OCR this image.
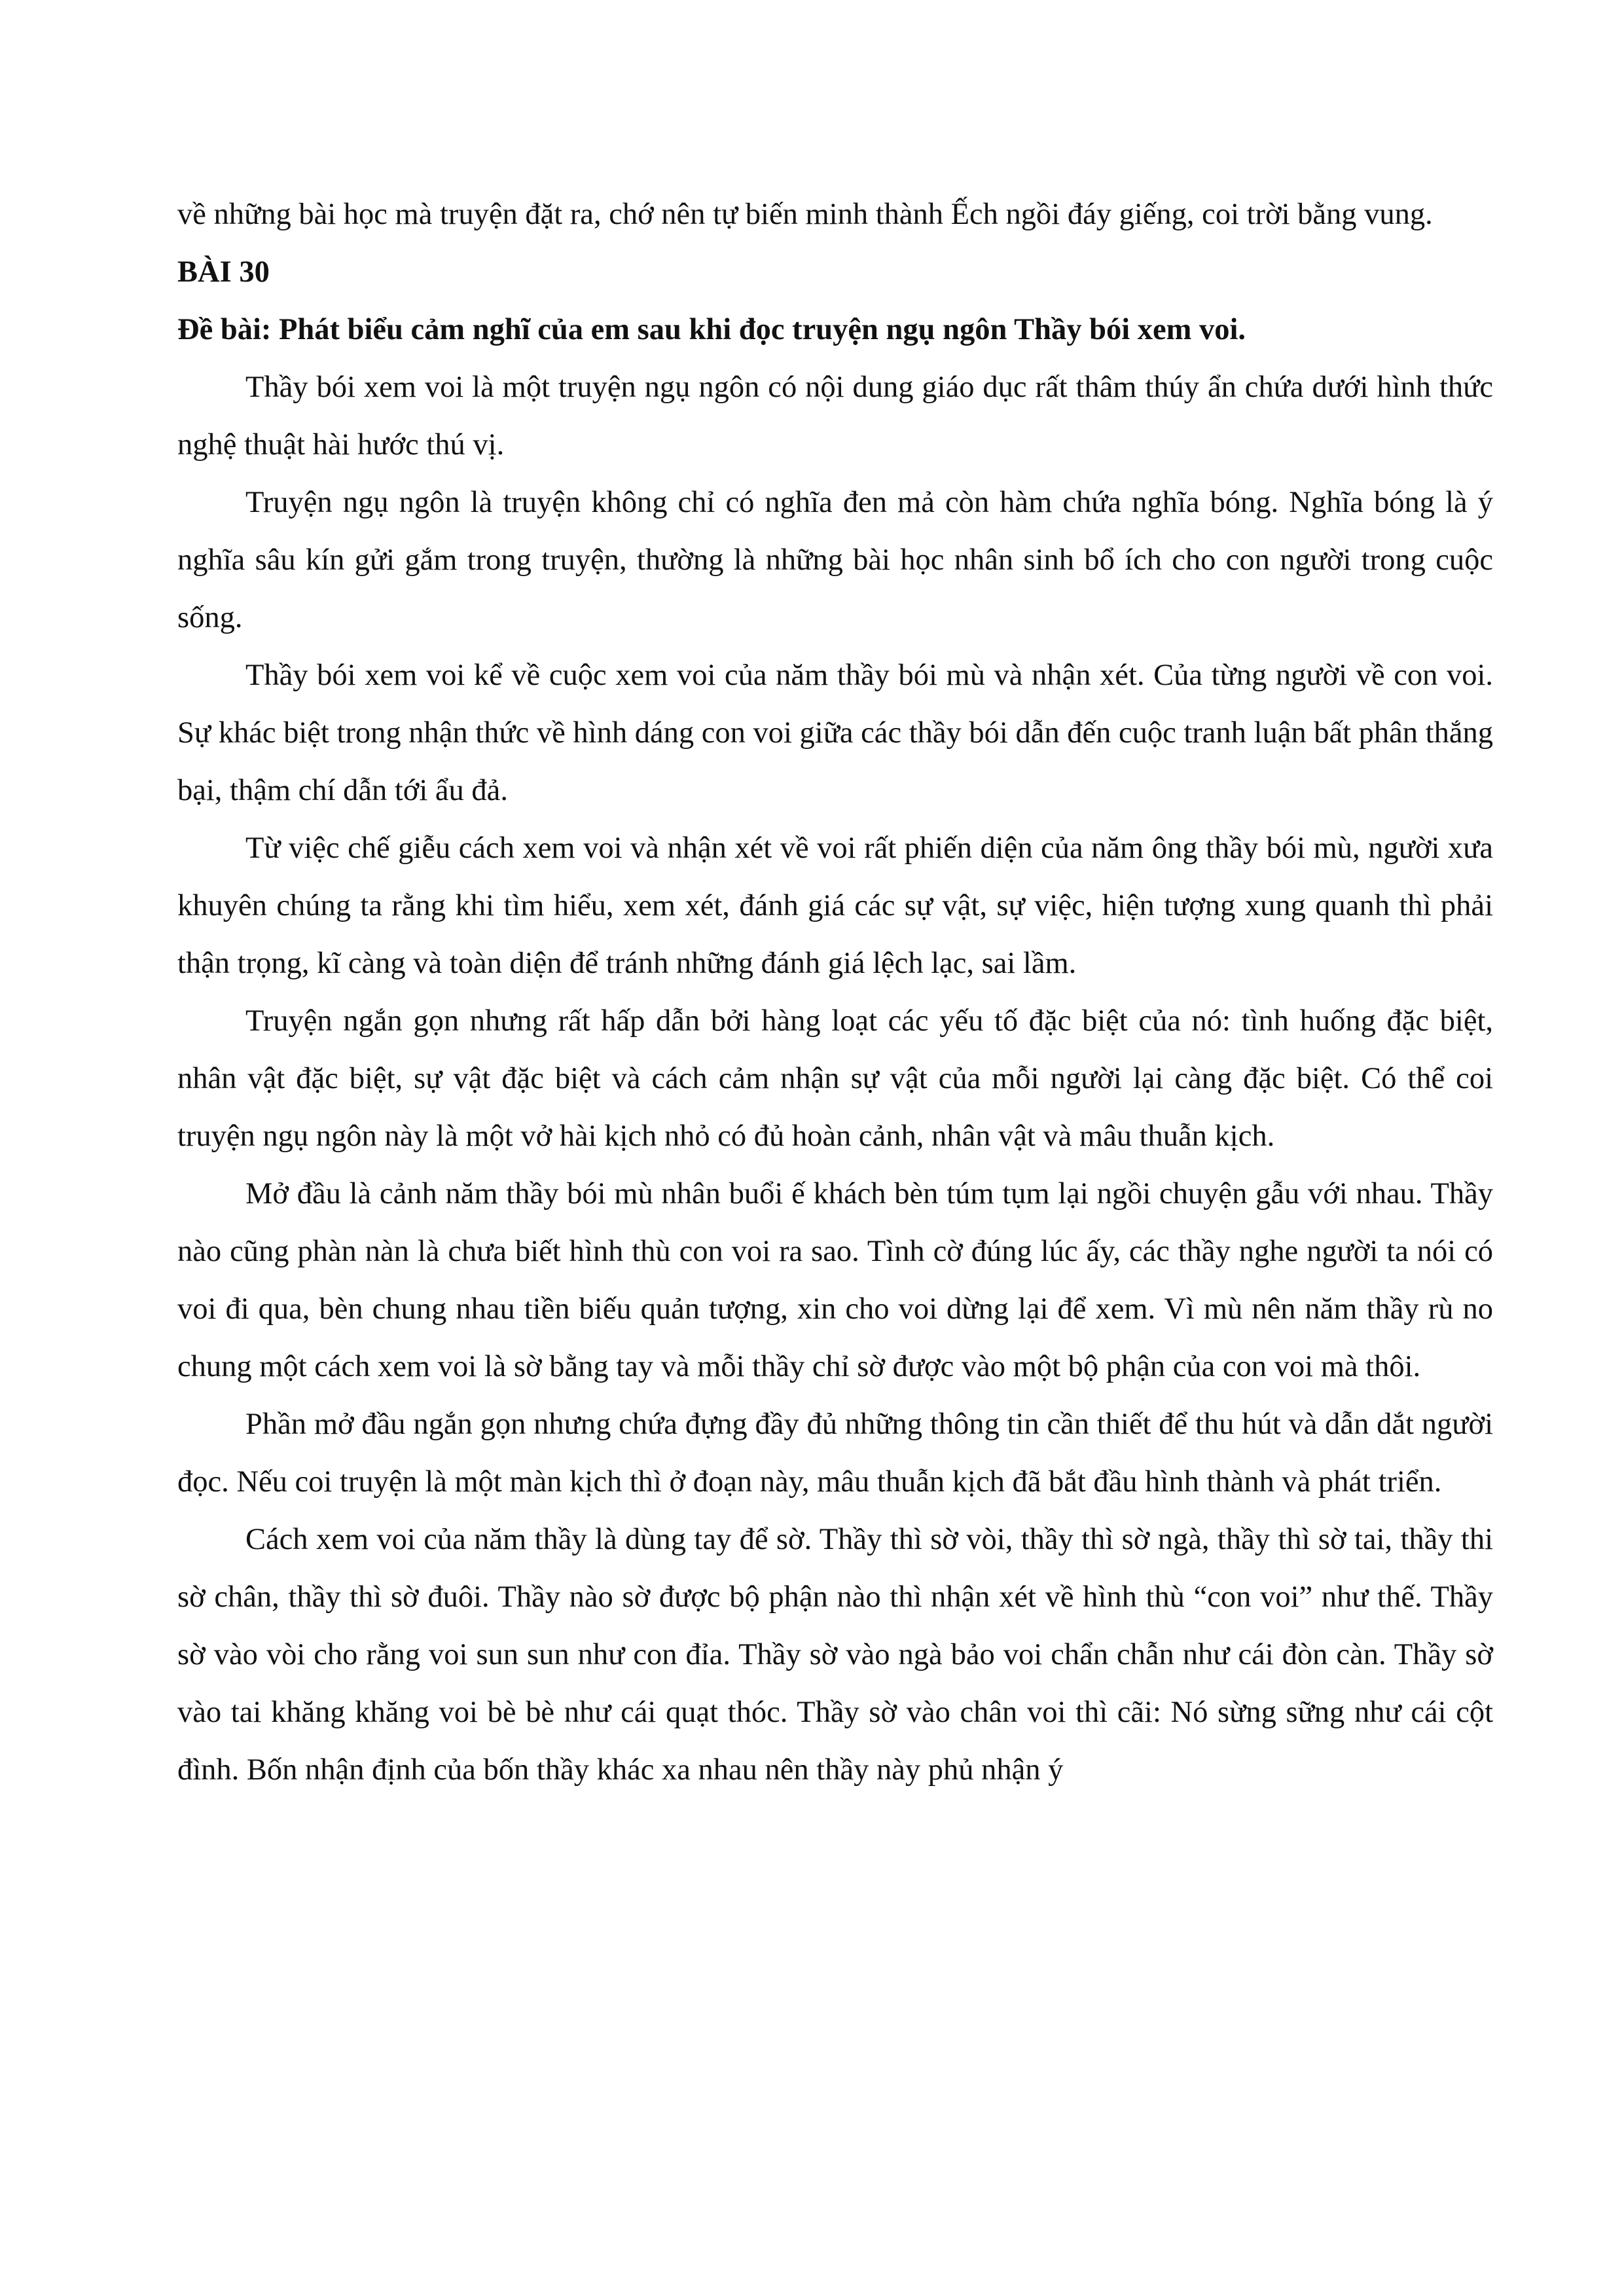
về những bài học mà truyện đặt ra, chớ nên tự biến minh thành Ếch ngồi đáy giếng, coi trời bằng vung.

BÀI 30

Đề bài: Phát biểu cảm nghĩ của em sau khi đọc truyện ngụ ngôn Thầy bói xem voi.

Thầy bói xem voi là một truyện ngụ ngôn có nội dung giáo dục rất thâm thúy ẩn chứa dưới hình thức nghệ thuật hài hước thú vị.

Truyện ngụ ngôn là truyện không chỉ có nghĩa đen mả còn hàm chứa nghĩa bóng. Nghĩa bóng là ý nghĩa sâu kín gửi gắm trong truyện, thường là những bài học nhân sinh bổ ích cho con người trong cuộc sống.

Thầy bói xem voi kể về cuộc xem voi của năm thầy bói mù và nhận xét. Của từng người về con voi. Sự khác biệt trong nhận thức về hình dáng con voi giữa các thầy bói dẫn đến cuộc tranh luận bất phân thắng bại, thậm chí dẫn tới ẩu đả.

Từ việc chế giễu cách xem voi và nhận xét về voi rất phiến diện của năm ông thầy bói mù, người xưa khuyên chúng ta rằng khi tìm hiểu, xem xét, đánh giá các sự vật, sự việc, hiện tượng xung quanh thì phải thận trọng, kĩ càng và toàn diện để tránh những đánh giá lệch lạc, sai lầm.

Truyện ngắn gọn nhưng rất hấp dẫn bởi hàng loạt các yếu tố đặc biệt của nó: tình huống đặc biệt, nhân vật đặc biệt, sự vật đặc biệt và cách cảm nhận sự vật của mỗi người lại càng đặc biệt. Có thể coi truyện ngụ ngôn này là một vở hài kịch nhỏ có đủ hoàn cảnh, nhân vật và mâu thuẫn kịch.

Mở đầu là cảnh năm thầy bói mù nhân buổi ế khách bèn túm tụm lại ngồi chuyện gẫu với nhau. Thầy nào cũng phàn nàn là chưa biết hình thù con voi ra sao. Tình cờ đúng lúc ấy, các thầy nghe người ta nói có voi đi qua, bèn chung nhau tiền biếu quản tượng, xin cho voi dừng lại để xem. Vì mù nên năm thầy rù no chung một cách xem voi là sờ bằng tay và mỗi thầy chỉ sờ được vào một bộ phận của con voi mà thôi.

Phần mở đầu ngắn gọn nhưng chứa đựng đầy đủ những thông tin cần thiết để thu hút và dẫn dắt người đọc. Nếu coi truyện là một màn kịch thì ở đoạn này, mâu thuẫn kịch đã bắt đầu hình thành và phát triển.

Cách xem voi của năm thầy là dùng tay để sờ. Thầy thì sờ vòi, thầy thì sờ ngà, thầy thì sờ tai, thầy thi sờ chân, thầy thì sờ đuôi. Thầy nào sờ được bộ phận nào thì nhận xét về hình thù “con voi” như thế. Thầy sờ vào vòi cho rằng voi sun sun như con đỉa. Thầy sờ vào ngà bảo voi chẩn chẫn như cái đòn càn. Thầy sờ vào tai khăng khăng voi bè bè như cái quạt thóc. Thầy sờ vào chân voi thì cãi: Nó sừng sững như cái cột đình. Bốn nhận định của bốn thầy khác xa nhau nên thầy này phủ nhận ý
